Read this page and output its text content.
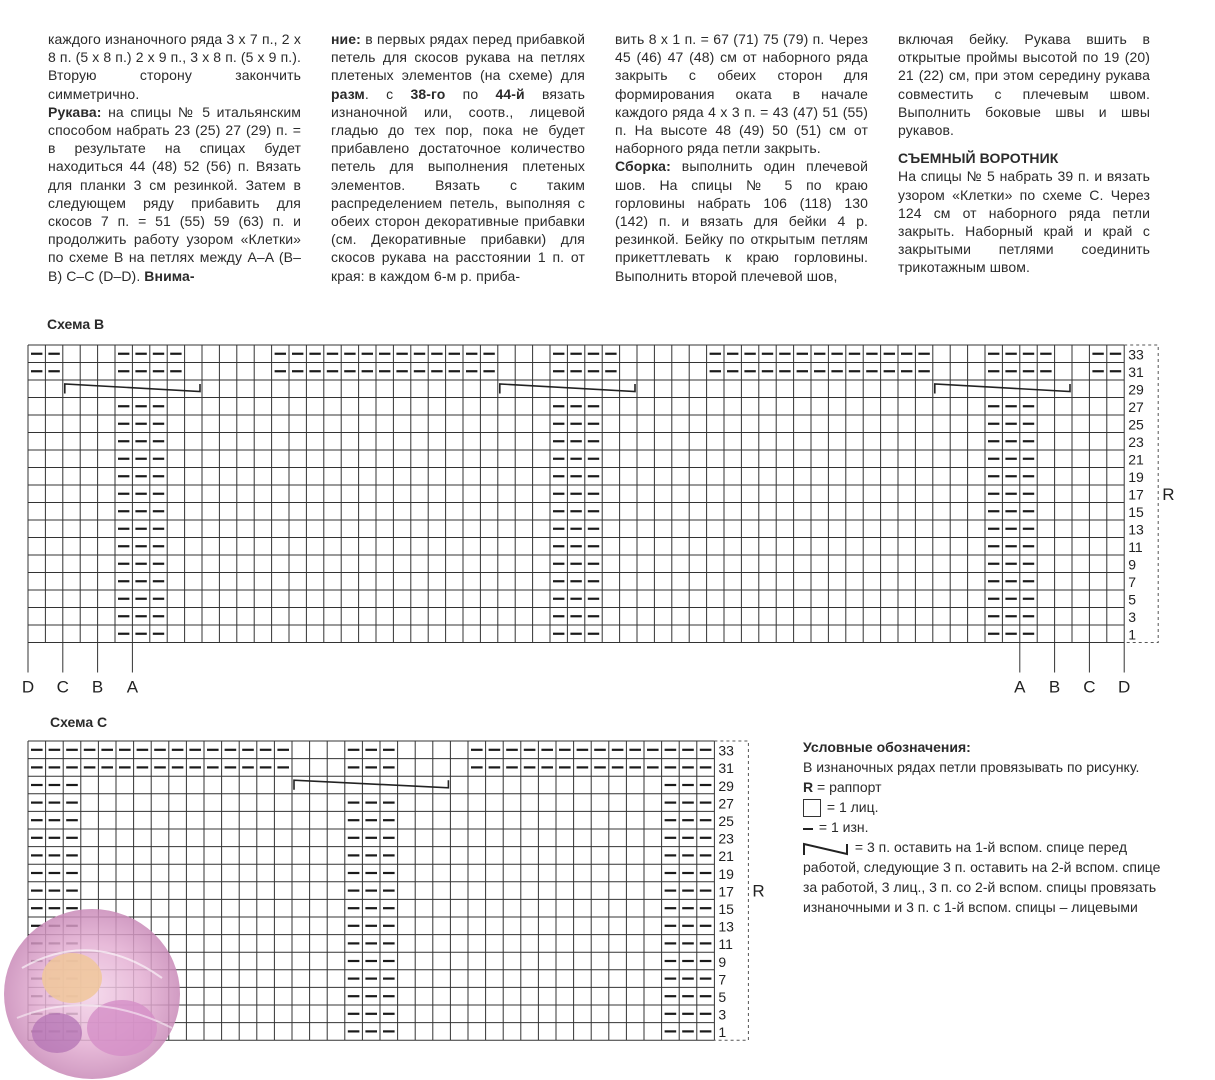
каждого изнаночного ряда 3 x 7 п., 2 x 8 п. (5 x 8 п.) 2 x 9 п., 3 x 8 п. (5 x 9 п.). Вторую сторону закончить симметрично.

Рукава: на спицы № 5 итальянским способом набрать 23 (25) 27 (29) п. = в результате на спицах будет находиться 44 (48) 52 (56) п. Вязать для планки 3 см резинкой. Затем в следующем ряду прибавить для скосов 7 п. = 51 (55) 59 (63) п. и продолжить работу узором «Клетки» по схеме B на петлях между A–A (B–B) C–C (D–D). Внима-

ние: в первых рядах перед прибавкой петель для скосов рукава на петлях плетеных элементов (на схеме) для разм. с 38-го по 44-й вязать изнаночной или, соотв., лицевой гладью до тех пор, пока не будет прибавлено достаточное количество петель для выполнения плетеных элементов. Вязать с таким распределением петель, выполняя с обеих сторон декоративные прибавки (см. Декоративные прибавки) для скосов рукава на расстоянии 1 п. от края: в каждом 6-м р. приба-

вить 8 x 1 п. = 67 (71) 75 (79) п. Через 45 (46) 47 (48) см от наборного ряда закрыть с обеих сторон для формирования оката в начале каждого ряда 4 x 3 п. = 43 (47) 51 (55) п. На высоте 48 (49) 50 (51) см от наборного ряда петли закрыть.

Сборка: выполнить один плечевой шов. На спицы № 5 по краю горловины набрать 106 (118) 130 (142) п. и вязать для бейки 4 р. резинкой. Бейку по открытым петлям прикеттлевать к краю горловины. Выполнить второй плечевой шов,

включая бейку. Рукава вшить в открытые проймы высотой по 19 (20) 21 (22) см, при этом середину рукава совместить с плечевым швом. Выполнить боковые швы и швы рукавов.

СЪЕМНЫЙ ВОРОТНИК

На спицы № 5 набрать 39 п. и вязать узором «Клетки» по схеме C. Через 124 см от наборного ряда петли закрыть. Наборный край и край с закрытыми петлями соединить трикотажным швом.

Схема В
33
31
29
27
25
23
21
19
17
15
13
11
9
7
5
3
1
R
D C B A	A B C D
Схема С
33
31
29
27
25
23
21
19
17
15
13
11
9
7
5
3
1
R

Условные обозначения:

В изнаночных рядах петли провязывать по рисунку.

R = раппорт

= 1 лиц.

= 1 изн.

= 3 п. оставить на 1-й вспом. спице перед работой, следующие 3 п. оставить на 2-й вспом. спице за работой, 3 лиц., 3 п. со 2-й вспом. спицы провязать изнаночными и 3 п. с 1-й вспом. спицы – лицевыми
